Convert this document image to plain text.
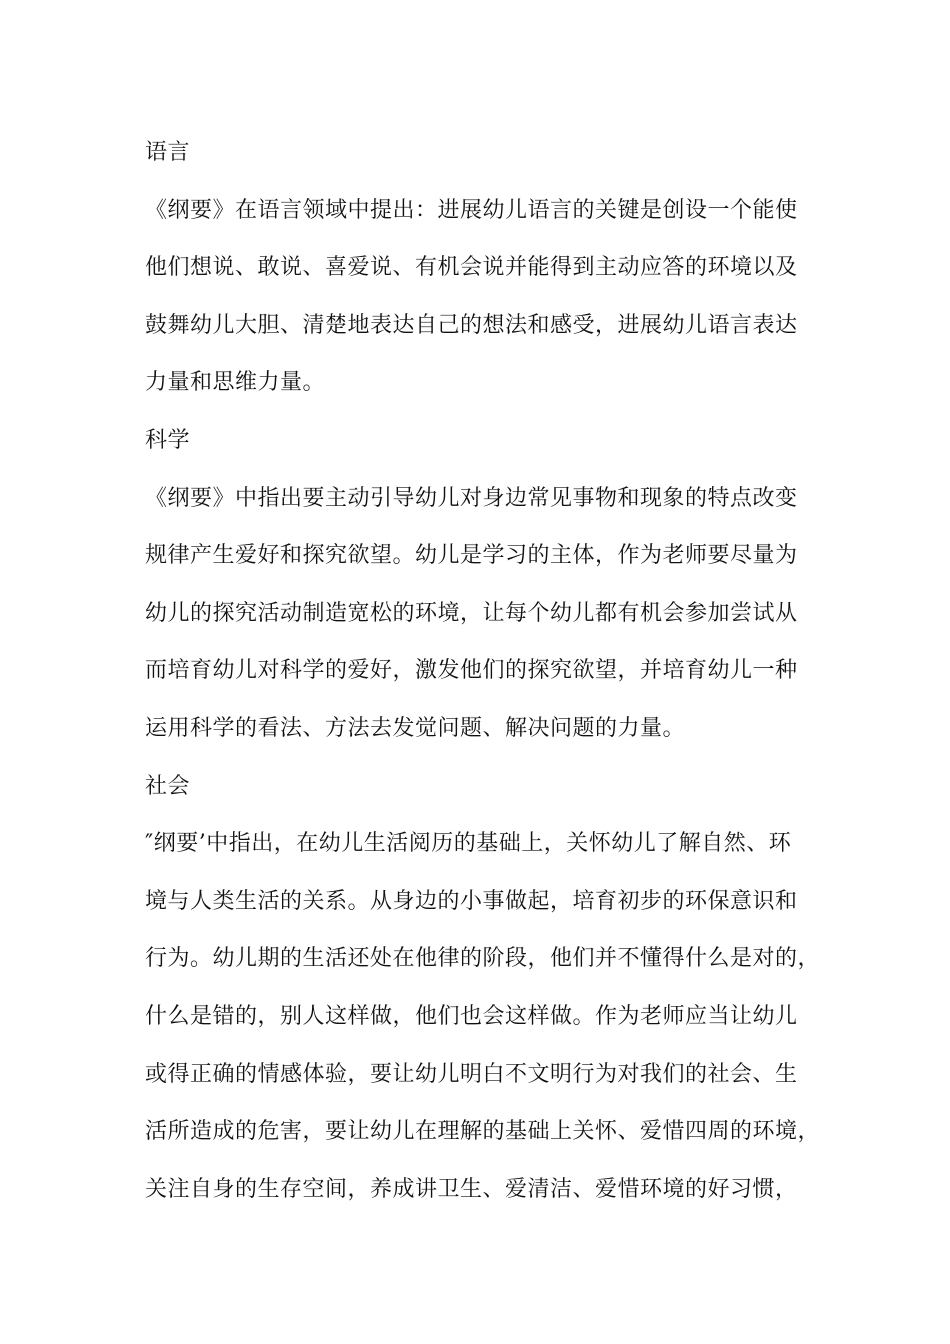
语言
《纲要》在语言领域中提出：进展幼儿语言的关键是创设一个能使
他们想说、敢说、喜爱说、有机会说并能得到主动应答的环境以及
鼓舞幼儿大胆、清楚地表达自己的想法和感受，进展幼儿语言表达
力量和思维力量。
科学
《纲要》中指出要主动引导幼儿对身边常见事物和现象的特点改变
规律产生爱好和探究欲望。幼儿是学习的主体，作为老师要尽量为
幼儿的探究活动制造宽松的环境，让每个幼儿都有机会参加尝试从
而培育幼儿对科学的爱好，激发他们的探究欲望，并培育幼儿一种
运用科学的看法、方法去发觉问题、解决问题的力量。
社会
″纲要’中指出，在幼儿生活阅历的基础上，关怀幼儿了解自然、环
境与人类生活的关系。从身边的小事做起，培育初步的环保意识和
行为。幼儿期的生活还处在他律的阶段，他们并不懂得什么是对的，
什么是错的，别人这样做，他们也会这样做。作为老师应当让幼儿
或得正确的情感体验，要让幼儿明白不文明行为对我们的社会、生
活所造成的危害，要让幼儿在理解的基础上关怀、爱惜四周的环境，
关注自身的生存空间，养成讲卫生、爱清洁、爱惜环境的好习惯，
